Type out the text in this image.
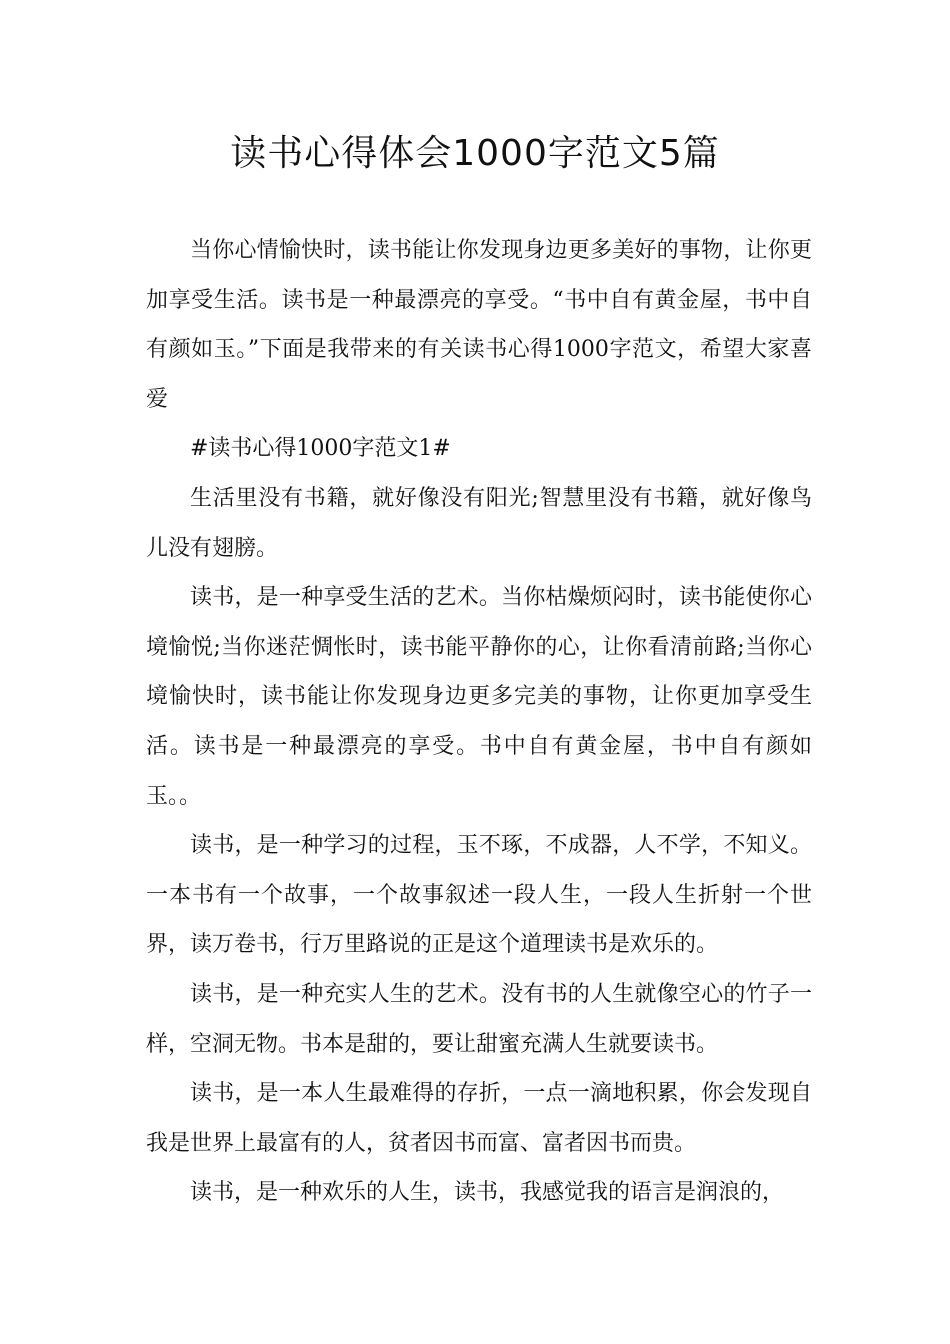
读书心得体会1000字范文5篇

当你心情愉快时，读书能让你发现身边更多美好的事物，让你更加享受生活。读书是一种最漂亮的享受。“书中自有黄金屋，书中自有颜如玉。”下面是我带来的有关读书心得1000字范文，希望大家喜爱

#读书心得1000字范文1#

生活里没有书籍，就好像没有阳光;智慧里没有书籍，就好像鸟儿没有翅膀。

读书，是一种享受生活的艺术。当你枯燥烦闷时，读书能使你心境愉悦;当你迷茫惆怅时，读书能平静你的心，让你看清前路;当你心境愉快时，读书能让你发现身边更多完美的事物，让你更加享受生活。读书是一种最漂亮的享受。书中自有黄金屋，书中自有颜如玉。。

读书，是一种学习的过程，玉不琢，不成器，人不学，不知义。一本书有一个故事，一个故事叙述一段人生，一段人生折射一个世界，读万卷书，行万里路说的正是这个道理读书是欢乐的。

读书，是一种充实人生的艺术。没有书的人生就像空心的竹子一样，空洞无物。书本是甜的，要让甜蜜充满人生就要读书。

读书，是一本人生最难得的存折，一点一滴地积累，你会发现自我是世界上最富有的人，贫者因书而富、富者因书而贵。

读书，是一种欢乐的人生，读书，我感觉我的语言是润浪的，
